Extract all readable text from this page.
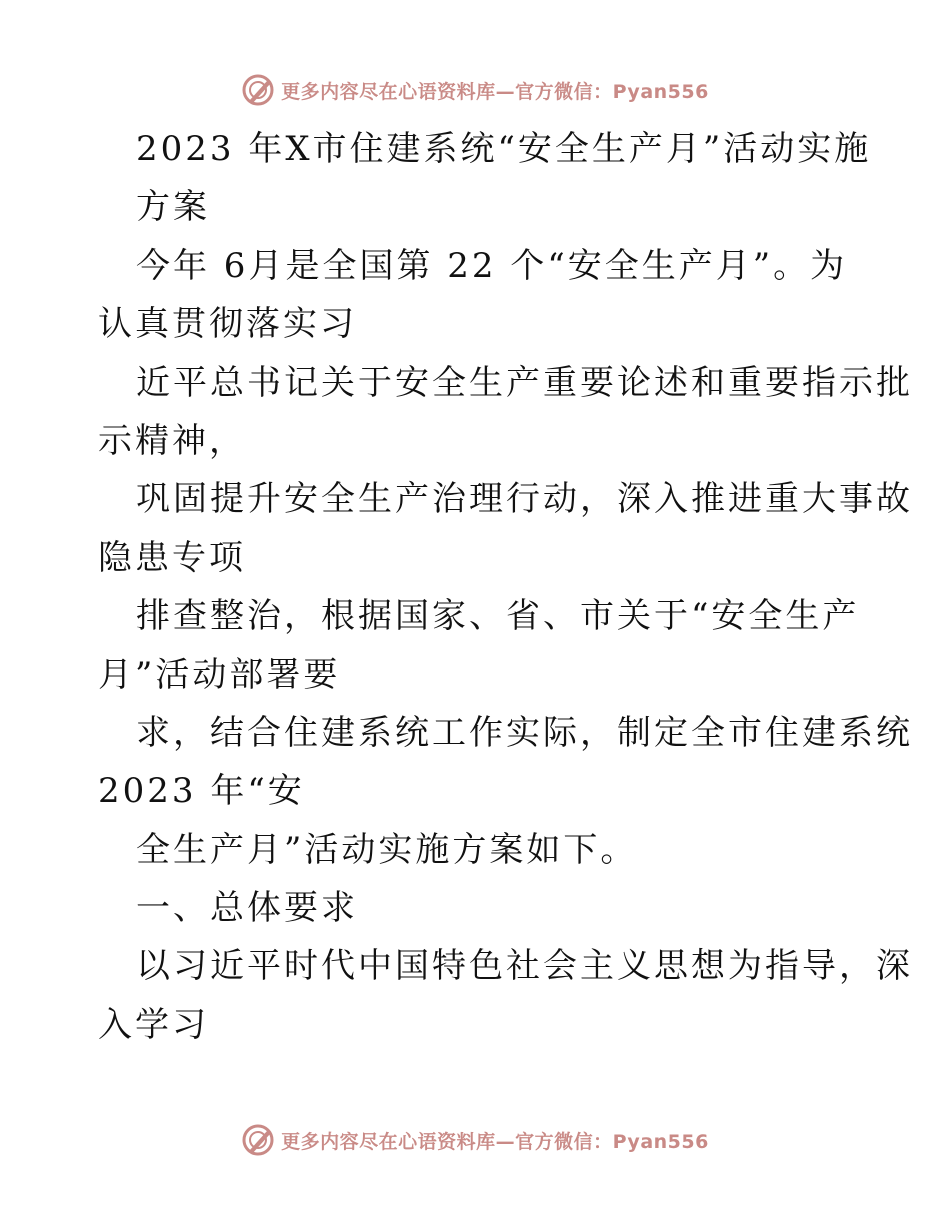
更多内容尽在心语资料库—官方微信：Pyan556
2023 年X市住建系统“安全生产月”活动实施
方案
今年 6月是全国第 22 个“安全生产月”。为
认真贯彻落实习
近平总书记关于安全生产重要论述和重要指示批
示精神，
巩固提升安全生产治理行动，深入推进重大事故
隐患专项
排查整治，根据国家、省、市关于“安全生产
月”活动部署要
求，结合住建系统工作实际，制定全市住建系统
2023 年“安
全生产月”活动实施方案如下。
一、总体要求
以习近平时代中国特色社会主义思想为指导，深
入学习
更多内容尽在心语资料库—官方微信：Pyan556
